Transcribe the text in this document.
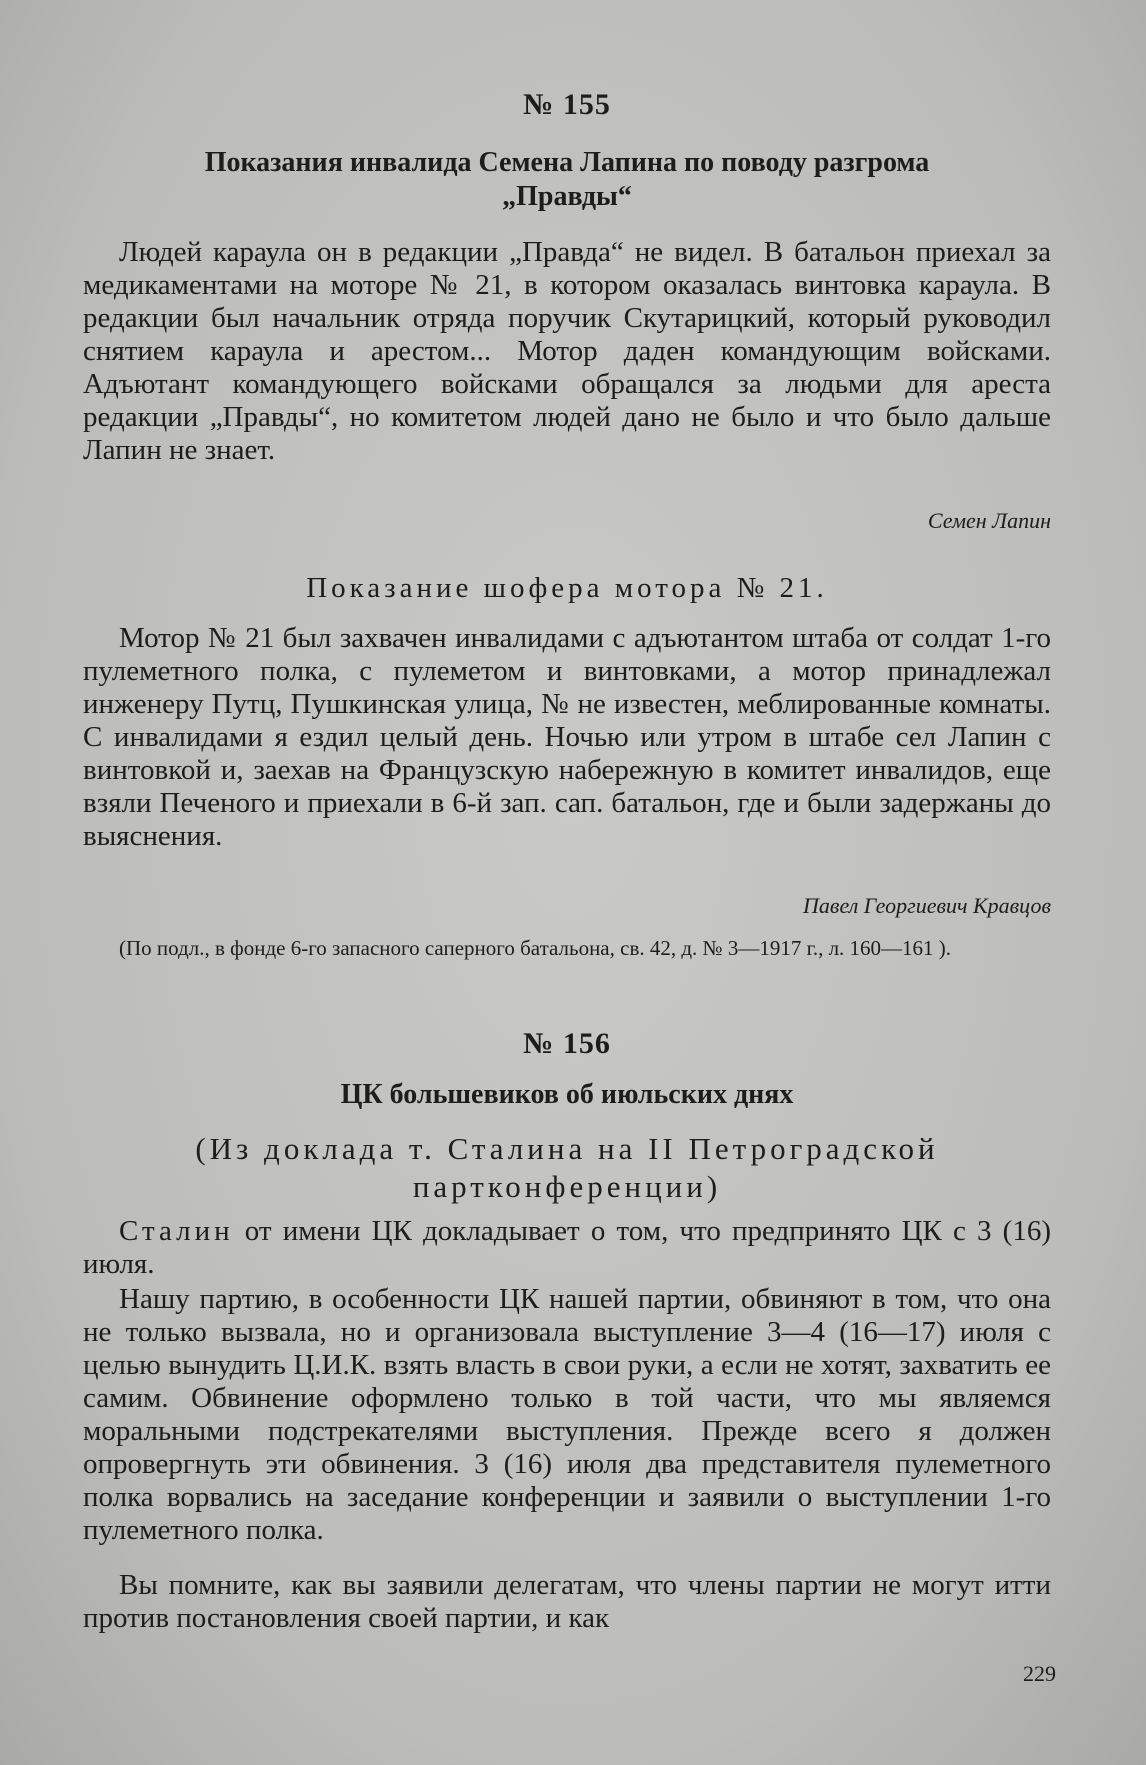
№ 155
Показания инвалида Семена Лапина по поводу разгрома
„Правды“

Людей караула он в редакции „Правда“ не видел. В батальон приехал за медикаментами на моторе № 21, в котором оказалась винтовка караула. В редакции был начальник отряда поручик Скутарицкий, который руководил снятием караула и арестом... Мотор даден командующим войсками. Адъютант командующего войсками обращался за людьми для ареста редакции „Правды“, но комитетом людей дано не было и что было дальше Лапин не знает.

Семен Лапин
Показание шофера мотора № 21.

Мотор № 21 был захвачен инвалидами с адъютантом штаба от солдат 1-го пулеметного полка, с пулеметом и винтовками, а мотор принадлежал инженеру Путц, Пушкинская улица, № не известен, меблированные комнаты. С инвалидами я ездил целый день. Ночью или утром в штабе сел Лапин с винтовкой и, заехав на Французскую набережную в комитет инвалидов, еще взяли Печеного и приехали в 6-й зап. сап. батальон, где и были задержаны до выяснения.

Павел Георгиевич Кравцов

(По подл., в фонде 6-го запасного саперного батальона, св. 42, д. № 3—1917 г., л. 160—161 ).

№ 156
ЦК большевиков об июльских днях
(Из доклада т. Сталина на II Петроградской
партконференции)

Сталин от имени ЦК докладывает о том, что предпринято ЦК с 3 (16) июля.

Нашу партию, в особенности ЦК нашей партии, обвиняют в том, что она не только вызвала, но и организовала выступление 3—4 (16—17) июля с целью вынудить Ц.И.К. взять власть в свои руки, а если не хотят, захватить ее самим. Обвинение оформлено только в той части, что мы являемся моральными подстрекателями выступления. Прежде всего я должен опровергнуть эти обвинения. 3 (16) июля два представителя пулеметного полка ворвались на заседание конференции и заявили о выступлении 1-го пулеметного полка.

Вы помните, как вы заявили делегатам, что члены партии не могут итти против постановления своей партии, и как

229
